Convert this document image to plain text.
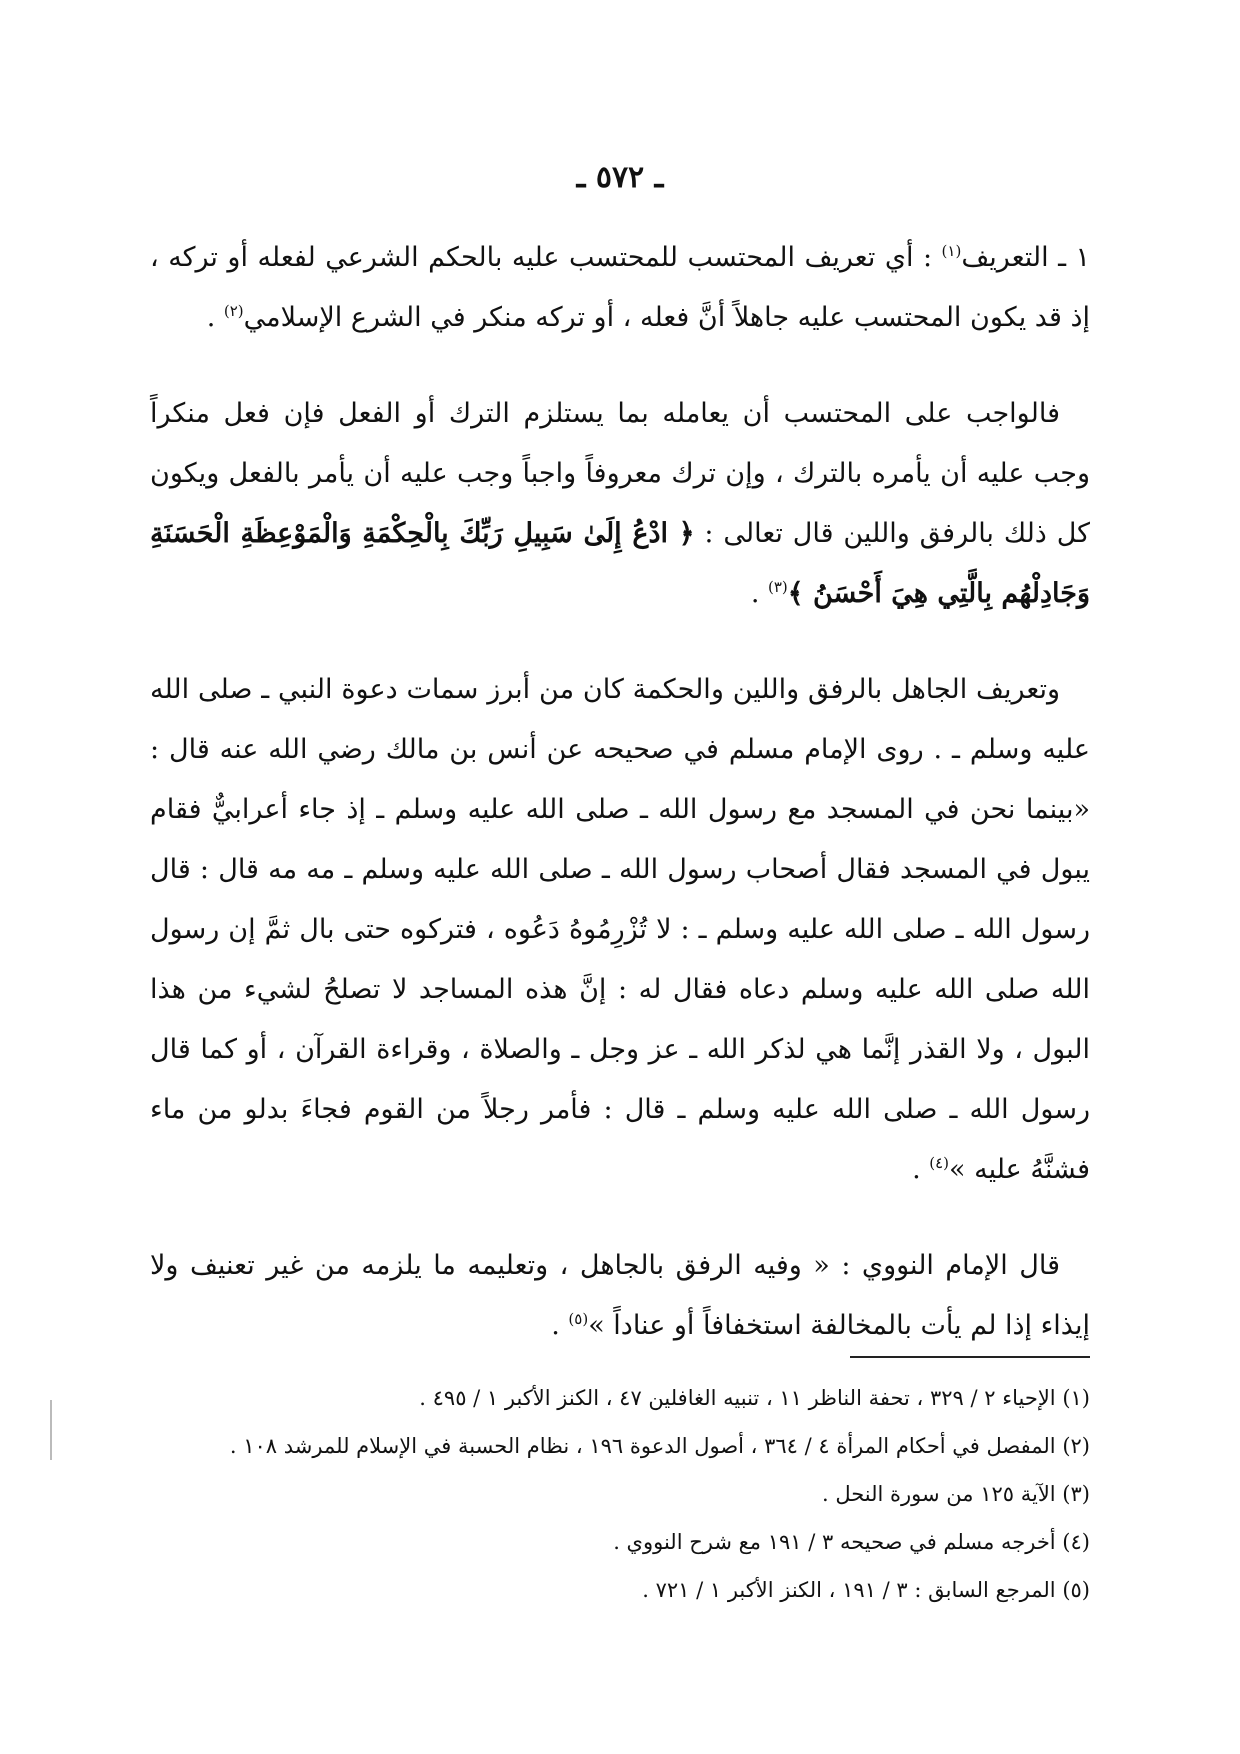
ـ ٥٧٢ ـ

١ ـ التعريف$^{(١)}$ : أي تعريف المحتسب للمحتسب عليه بالحكم الشرعي لفعله أو تركه ، إذ قد يكون المحتسب عليه جاهلاً أنَّ فعله ، أو تركه منكر في الشرع الإسلامي$^{(٢)}$ .

فالواجب على المحتسب أن يعامله بما يستلزم الترك أو الفعل فإن فعل منكراً وجب عليه أن يأمره بالترك ، وإن ترك معروفاً واجباً وجب عليه أن يأمر بالفعل ويكون كل ذلك بالرفق واللين قال تعالى : ﴿ ادْعُ إِلَىٰ سَبِيلِ رَبِّكَ بِالْحِكْمَةِ وَالْمَوْعِظَةِ الْحَسَنَةِ وَجَادِلْهُم بِالَّتِي هِيَ أَحْسَنُ ﴾$^{(٣)}$ .

وتعريف الجاهل بالرفق واللين والحكمة كان من أبرز سمات دعوة النبي ـ صلى الله عليه وسلم ـ . روى الإمام مسلم في صحيحه عن أنس بن مالك رضي الله عنه قال : «بينما نحن في المسجد مع رسول الله ـ صلى الله عليه وسلم ـ إذ جاء أعرابيٌّ فقام يبول في المسجد فقال أصحاب رسول الله ـ صلى الله عليه وسلم ـ مه مه قال : قال رسول الله ـ صلى الله عليه وسلم ـ : لا تُزْرِمُوهُ دَعُوه ، فتركوه حتى بال ثمَّ إن رسول الله صلى الله عليه وسلم دعاه فقال له : إنَّ هذه المساجد لا تصلحُ لشيء من هذا البول ، ولا القذر إنَّما هي لذكر الله ـ عز وجل ـ والصلاة ، وقراءة القرآن ، أو كما قال رسول الله ـ صلى الله عليه وسلم ـ قال : فأمر رجلاً من القوم فجاءَ بدلو من ماء فشنَّهُ عليه »$^{(٤)}$ .

قال الإمام النووي : « وفيه الرفق بالجاهل ، وتعليمه ما يلزمه من غير تعنيف ولا إيذاء إذا لم يأت بالمخالفة استخفافاً أو عناداً »$^{(٥)}$ .

(١) الإحياء ٢ / ٣٢٩ ، تحفة الناظر ١١ ، تنبيه الغافلين ٤٧ ، الكنز الأكبر ١ / ٤٩٥ .
(٢) المفصل في أحكام المرأة ٤ / ٣٦٤ ، أصول الدعوة ١٩٦ ، نظام الحسبة في الإسلام للمرشد ١٠٨ .
(٣) الآية ١٢٥ من سورة النحل .
(٤) أخرجه مسلم في صحيحه ٣ / ١٩١ مع شرح النووي .
(٥) المرجع السابق : ٣ / ١٩١ ، الكنز الأكبر ١ / ٧٢١ .
